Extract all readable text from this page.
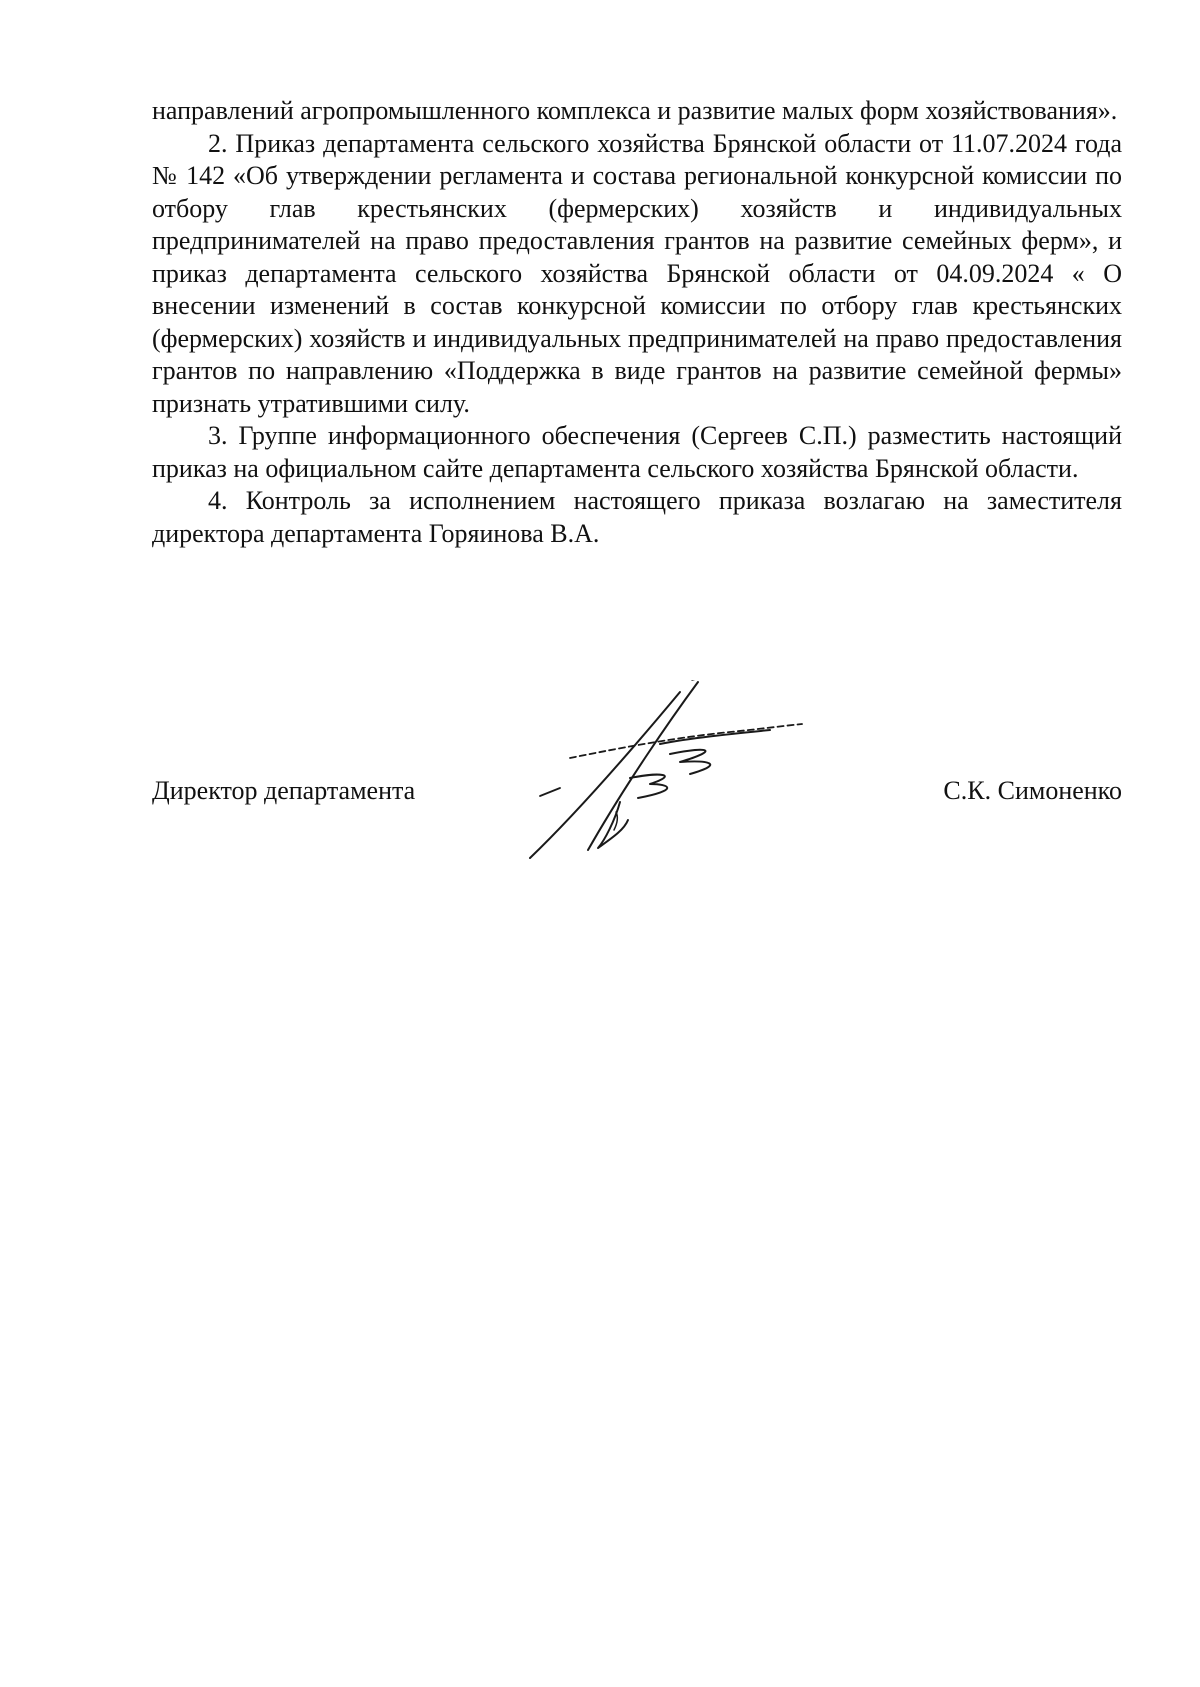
направлений агропромышленного комплекса и развитие малых форм хозяйствования».

2. Приказ департамента сельского хозяйства Брянской области от 11.07.2024 года № 142 «Об утверждении регламента и состава региональной конкурсной комиссии по отбору глав крестьянских (фермерских) хозяйств и индивидуальных предпринимателей на право предоставления грантов на развитие семейных ферм», и приказ департамента сельского хозяйства Брянской области от 04.09.2024 « О внесении изменений в состав конкурсной комиссии по отбору глав крестьянских (фермерских) хозяйств и индивидуальных предпринимателей на право предоставления грантов по направлению «Поддержка в виде грантов на развитие семейной фермы» признать утратившими силу.

3. Группе информационного обеспечения (Сергеев С.П.) разместить настоящий приказ на официальном сайте департамента сельского хозяйства Брянской области.

4. Контроль за исполнением настоящего приказа возлагаю на заместителя директора департамента Горяинова В.А.

Директор департамента	С.К. Симоненко
